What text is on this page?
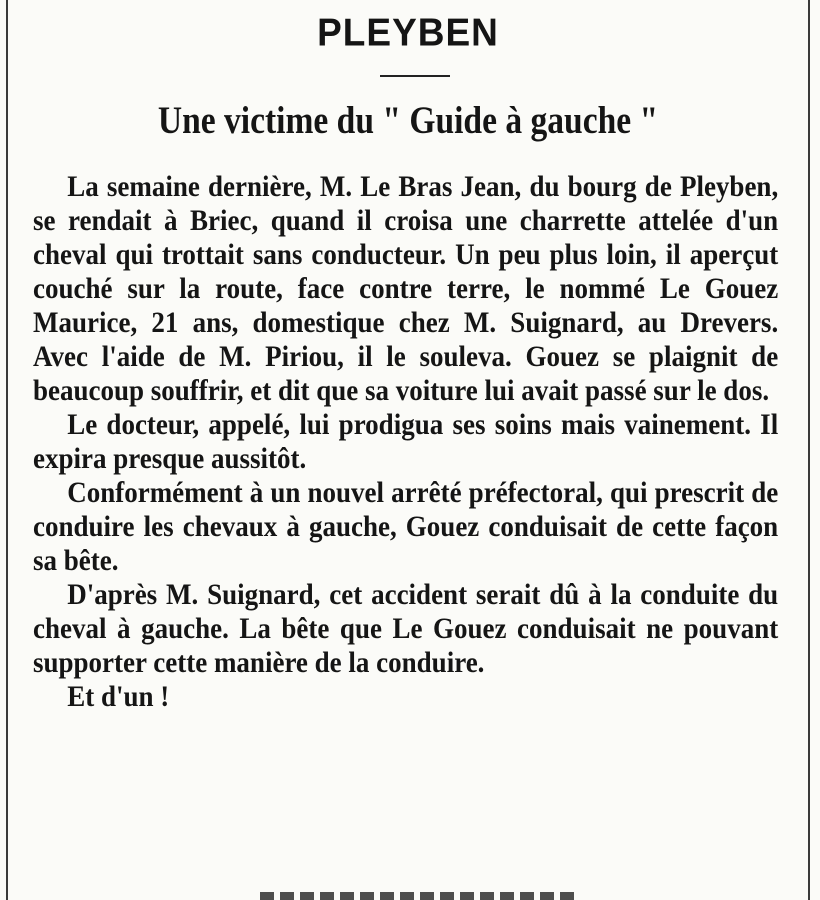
PLEYBEN
Une victime du " Guide à gauche "

La semaine dernière, M. Le Bras Jean, du bourg de Pleyben, se rendait à Briec, quand il croisa une charrette attelée d'un cheval qui trottait sans conducteur. Un peu plus loin, il aperçut couché sur la route, face contre terre, le nommé Le Gouez Maurice, 21 ans, domestique chez M. Suignard, au Drevers. Avec l'aide de M. Piriou, il le souleva. Gouez se plaignit de beaucoup souffrir, et dit que sa voiture lui avait passé sur le dos.

Le docteur, appelé, lui prodigua ses soins mais vainement. Il expira presque aussitôt.

Conformément à un nouvel arrêté préfectoral, qui prescrit de conduire les chevaux à gauche, Gouez conduisait de cette façon sa bête.

D'après M. Suignard, cet accident serait dû à la conduite du cheval à gauche. La bête que Le Gouez conduisait ne pouvant supporter cette manière de la conduire.

Et d'un !
